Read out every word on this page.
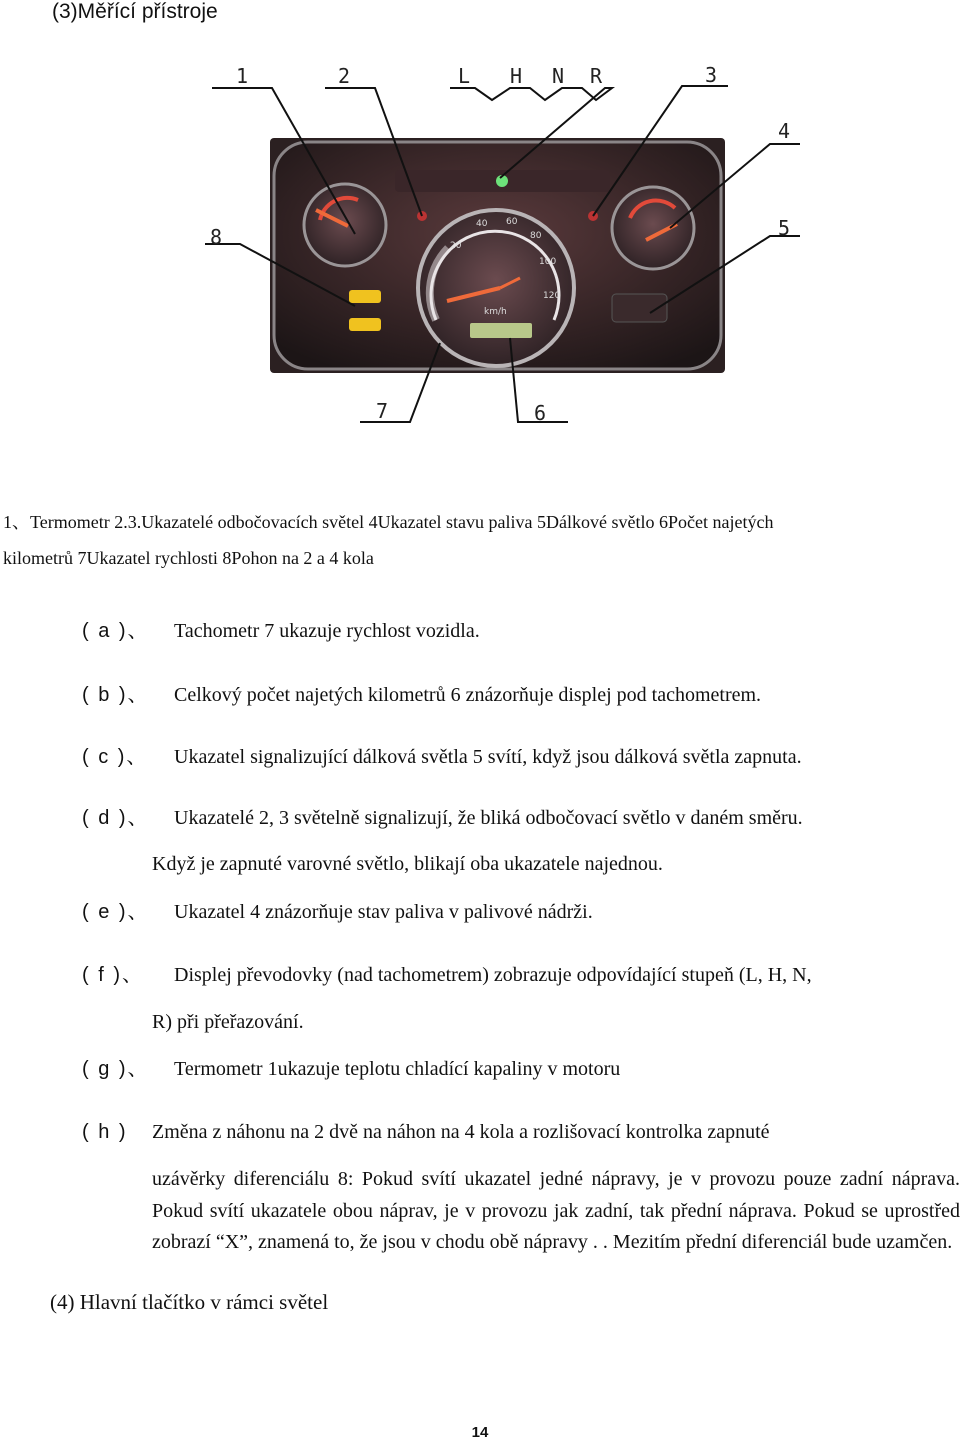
(3)Měřící přístroje
20
40 60
80
100
120
km/h
1	2	L H N R	3
4
5
6
7
8
1、Termometr 2.3.Ukazatelé odbočovacích světel 4Ukazatel stavu paliva 5Dálkové světlo 6Počet najetých
kilometrů 7Ukazatel rychlosti 8Pohon na 2 a 4 kola
( a )、 Tachometr 7 ukazuje rychlost vozidla.
( b )、 Celkový počet najetých kilometrů 6 znázorňuje displej pod tachometrem.
( c )、 Ukazatel signalizující dálková světla 5 svítí, když jsou dálková světla zapnuta.
( d )、 Ukazatelé 2, 3 světelně signalizují, že bliká odbočovací světlo v daném směru.
Když je zapnuté varovné světlo, blikají oba ukazatele najednou.
( e )、 Ukazatel 4 znázorňuje stav paliva v palivové nádrži.
( f )、 Displej převodovky (nad tachometrem) zobrazuje odpovídající stupeň (L, H, N,
R) při přeřazování.
( g )、 Termometr 1ukazuje teplotu chladící kapaliny v motoru
( h ) Změna z náhonu na 2 dvě na náhon na 4 kola a rozlišovací kontrolka zapnuté
uzávěrky diferenciálu 8: Pokud svítí ukazatel jedné nápravy, je v provozu pouze zadní náprava. Pokud svítí ukazatele obou náprav, je v provozu jak zadní, tak přední náprava. Pokud se uprostřed zobrazí “X”, znamená to, že jsou v chodu obě nápravy . . Mezitím přední diferenciál bude uzamčen.
(4) Hlavní tlačítko v rámci světel
14
